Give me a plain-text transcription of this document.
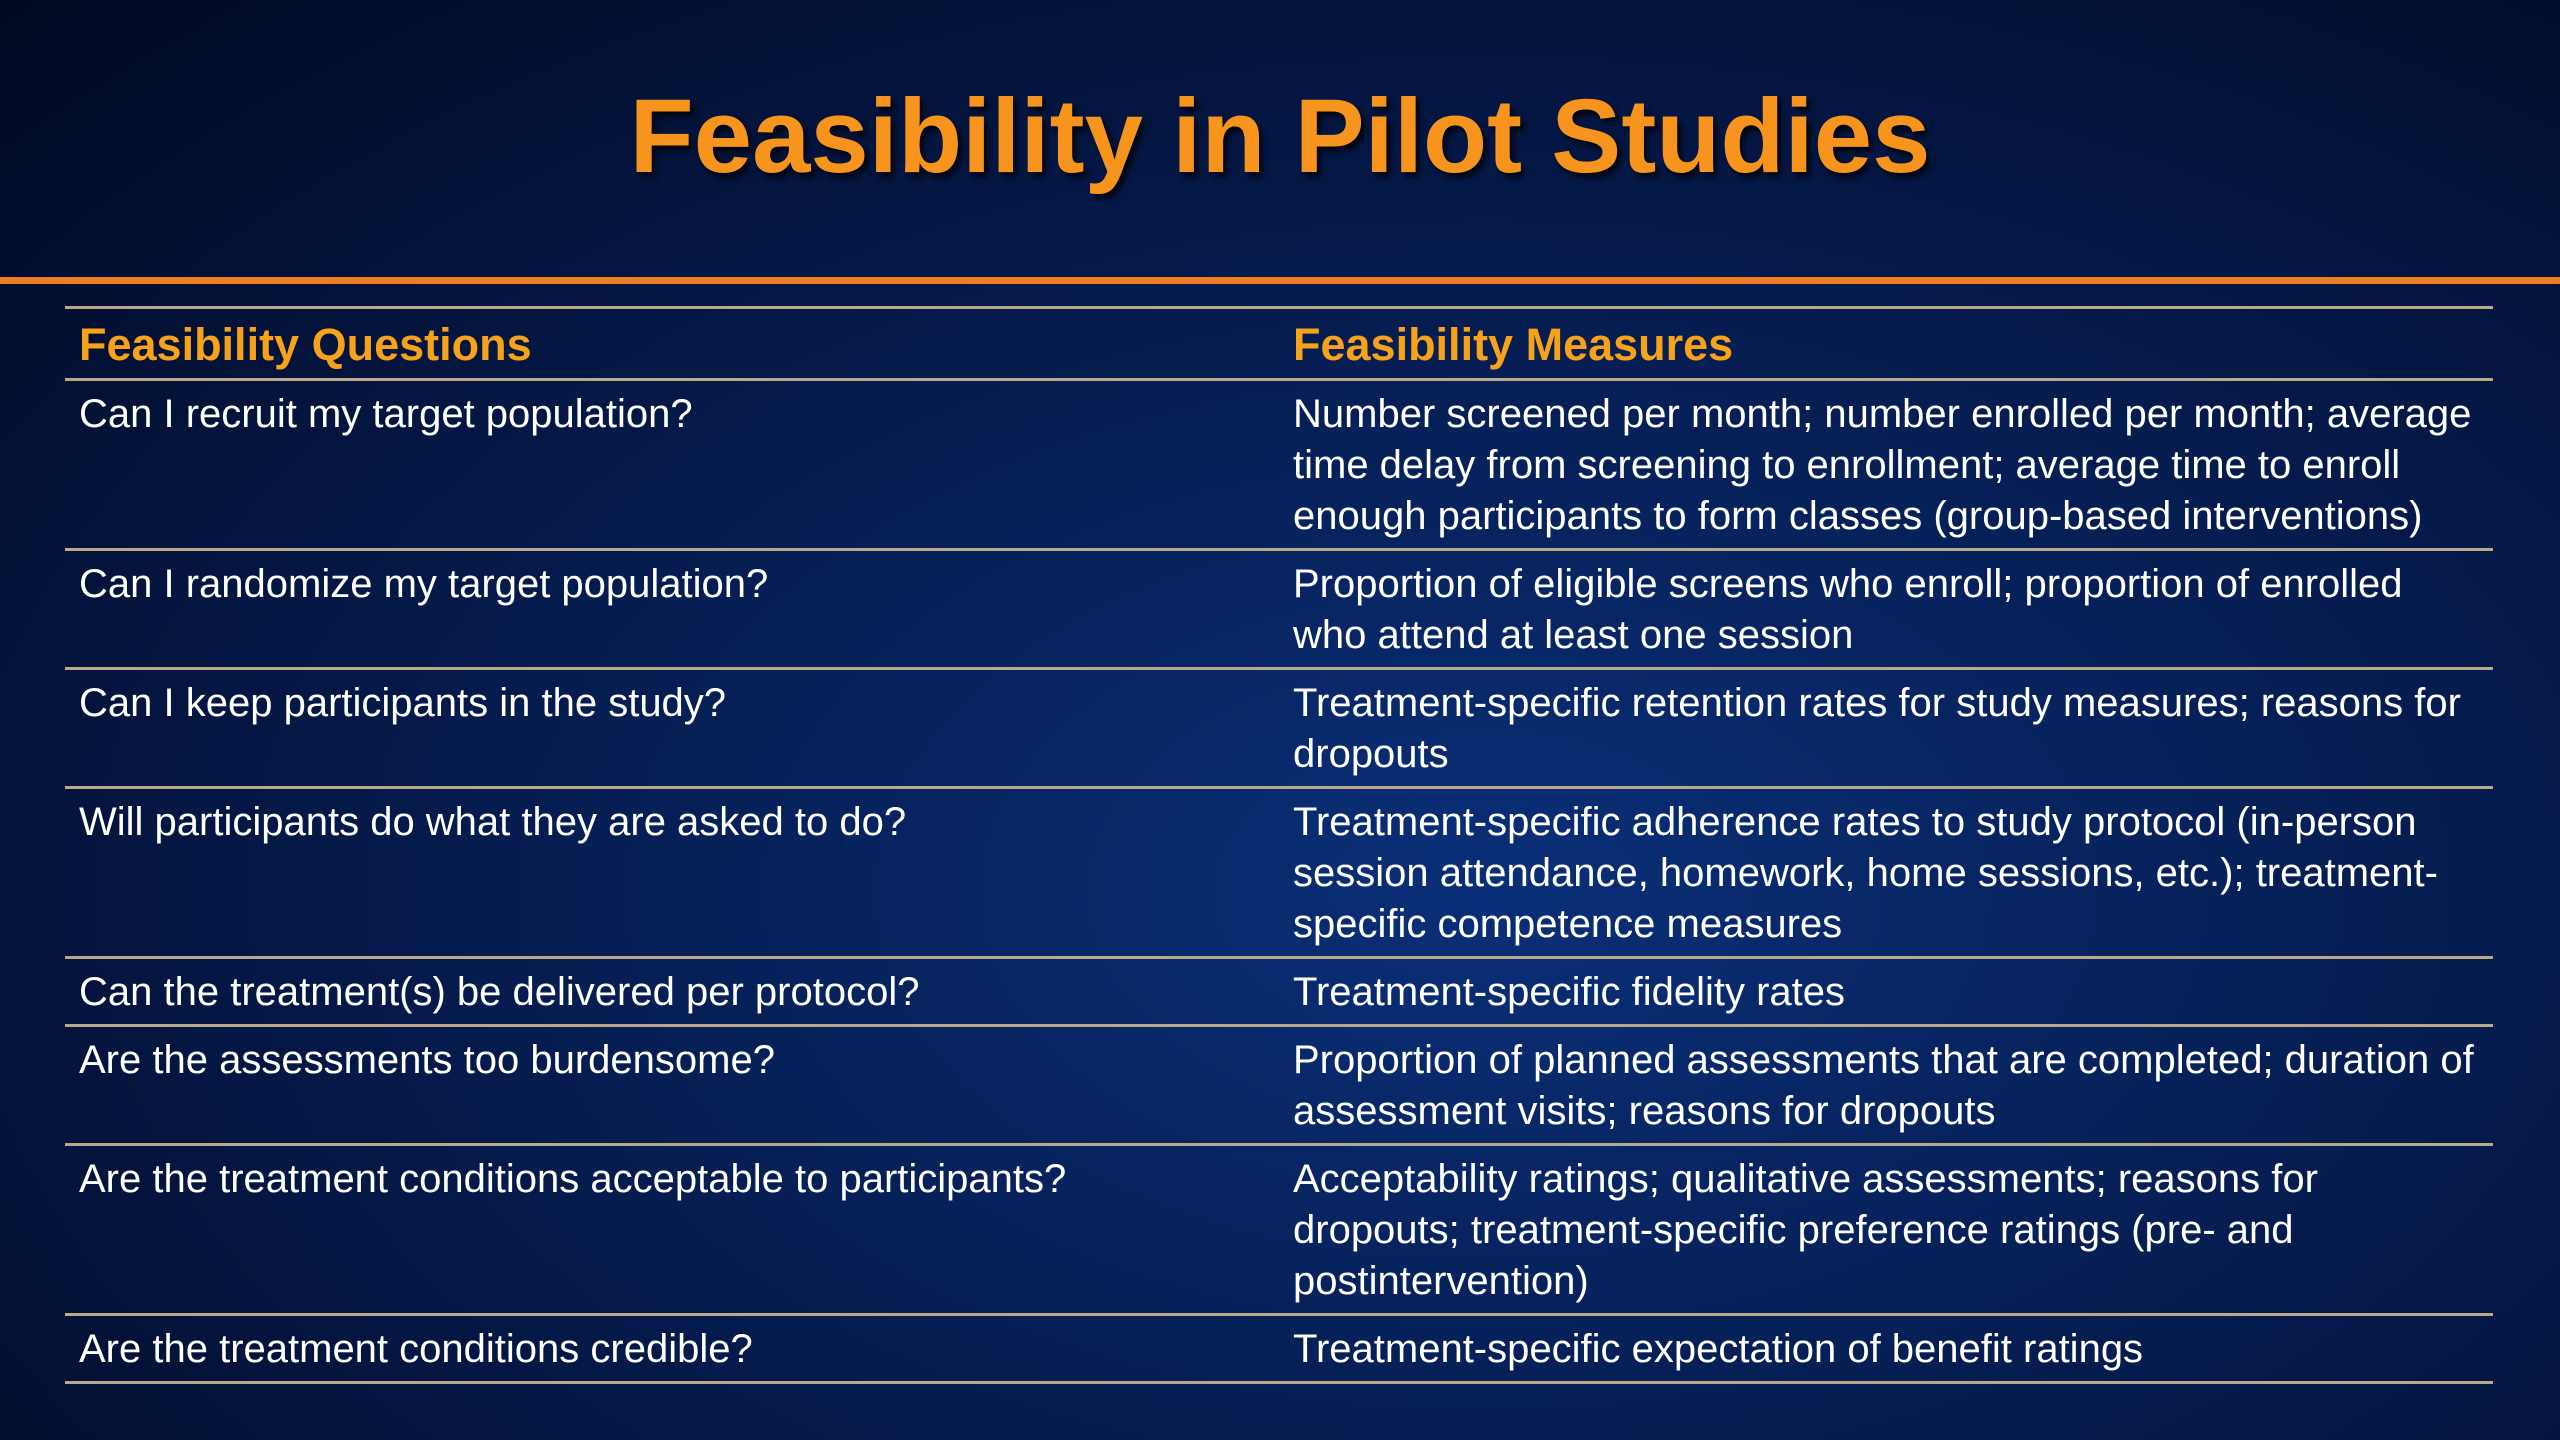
Feasibility in Pilot Studies
Feasibility Questions	Feasibility Measures
Can I recruit my target population?	Number screened per month; number enrolled per month; average time delay from screening to enrollment; average time to enroll enough participants to form classes (group-based interventions)
Can I randomize my target population?	Proportion of eligible screens who enroll; proportion of enrolled who attend at least one session
Can I keep participants in the study?	Treatment-specific retention rates for study measures; reasons for dropouts
Will participants do what they are asked to do?	Treatment-specific adherence rates to study protocol (in-person session attendance, homework, home sessions, etc.); treatment-specific competence measures
Can the treatment(s) be delivered per protocol?	Treatment-specific fidelity rates
Are the assessments too burdensome?	Proportion of planned assessments that are completed; duration of assessment visits; reasons for dropouts
Are the treatment conditions acceptable to participants?	Acceptability ratings; qualitative assessments; reasons for dropouts; treatment-specific preference ratings (pre- and postintervention)
Are the treatment conditions credible?	Treatment-specific expectation of benefit ratings
